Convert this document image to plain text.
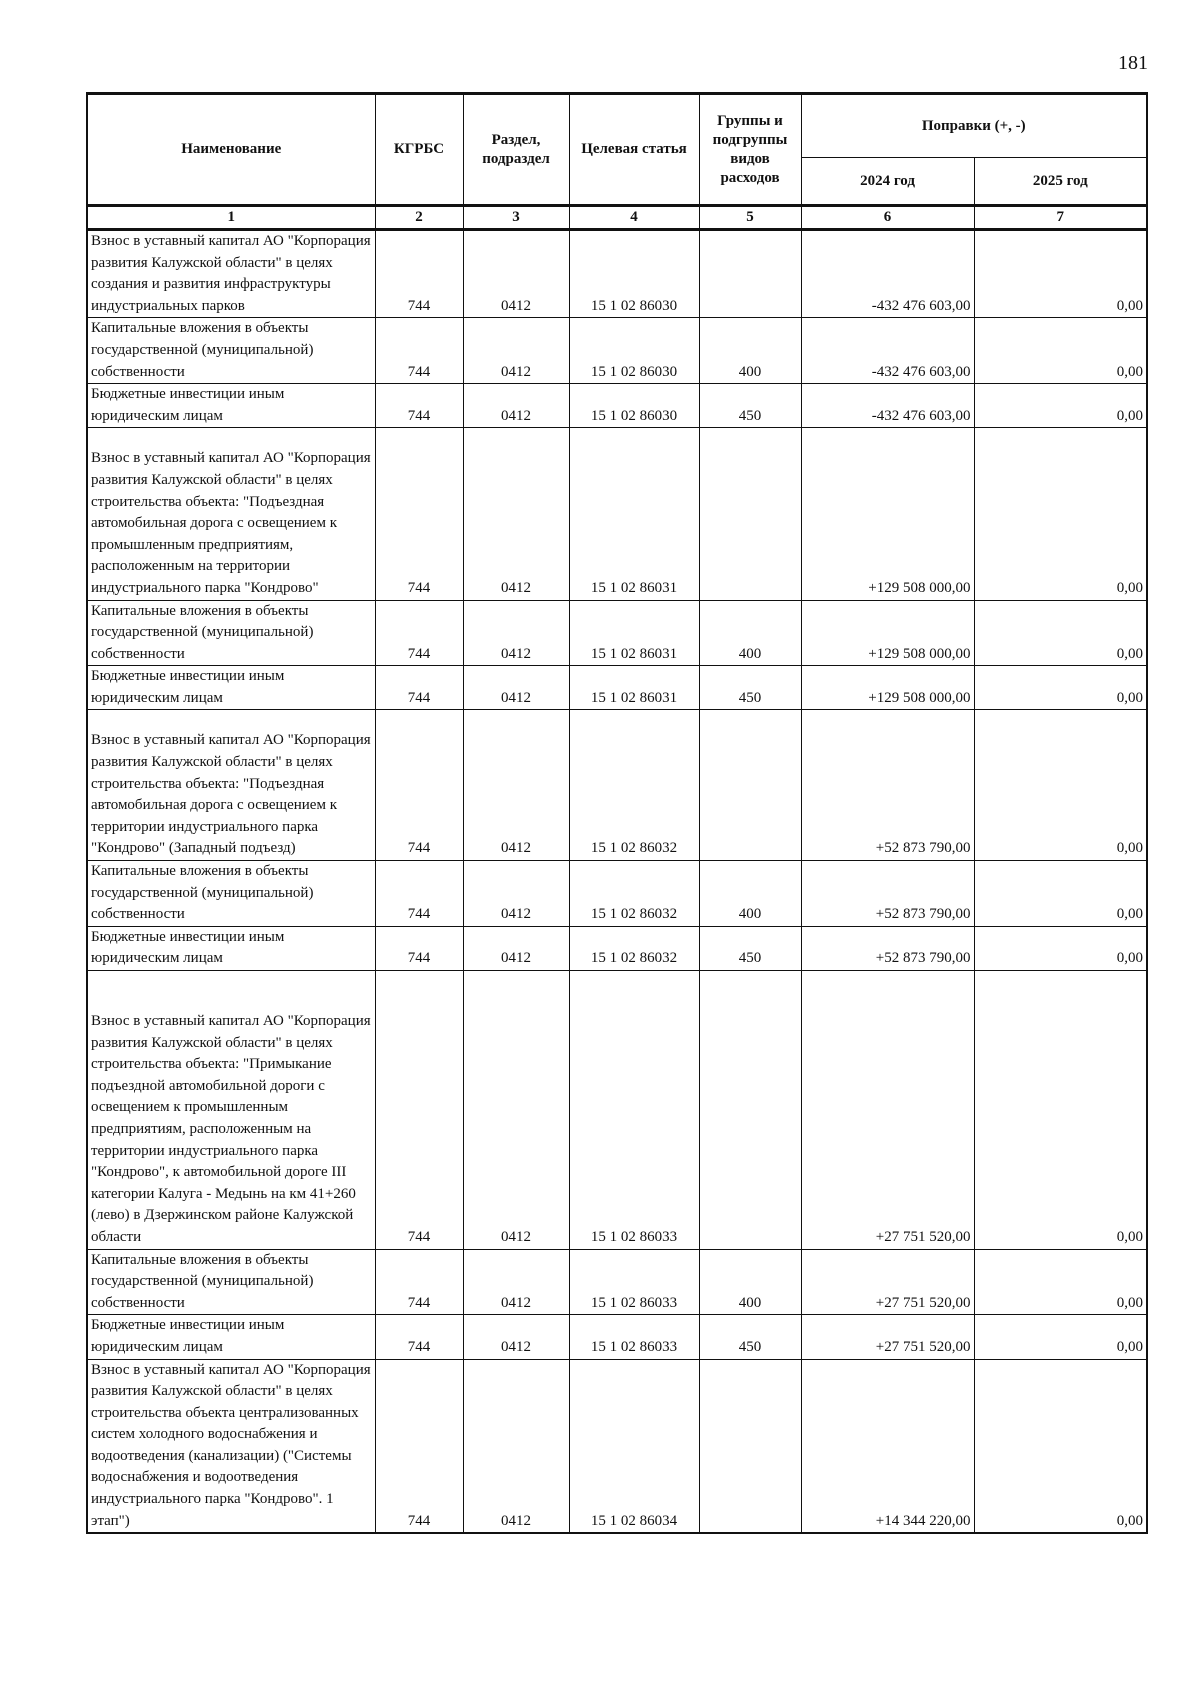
181
Наименование	КГРБС	Раздел, подраздел	Целевая статья	Группы и подгруппы видов расходов	Поправки (+, -)	
					2024 год	2025 год
1	2	3	4	5	6	7
Взнос в уставный капитал АО "Корпорация развития Калужской области" в целях создания и развития инфраструктуры индустриальных парков	744	0412	15 1 02 86030		-432 476 603,00	0,00
Капитальные вложения в объекты государственной (муниципальной) собственности	744	0412	15 1 02 86030	400	-432 476 603,00	0,00
Бюджетные инвестиции иным юридическим лицам	744	0412	15 1 02 86030	450	-432 476 603,00	0,00
Взнос в уставный капитал АО "Корпорация развития Калужской области" в целях строительства объекта: "Подъездная автомобильная дорога с освещением к промышленным предприятиям, расположенным на территории индустриального парка "Кондрово"	744	0412	15 1 02 86031		+129 508 000,00	0,00
Капитальные вложения в объекты государственной (муниципальной) собственности	744	0412	15 1 02 86031	400	+129 508 000,00	0,00
Бюджетные инвестиции иным юридическим лицам	744	0412	15 1 02 86031	450	+129 508 000,00	0,00
Взнос в уставный капитал АО "Корпорация развития Калужской области" в целях строительства объекта: "Подъездная автомобильная дорога с освещением к территории индустриального парка "Кондрово" (Западный подъезд)	744	0412	15 1 02 86032		+52 873 790,00	0,00
Капитальные вложения в объекты государственной (муниципальной) собственности	744	0412	15 1 02 86032	400	+52 873 790,00	0,00
Бюджетные инвестиции иным юридическим лицам	744	0412	15 1 02 86032	450	+52 873 790,00	0,00
Взнос в уставный капитал АО "Корпорация развития Калужской области" в целях строительства объекта: "Примыкание подъездной автомобильной дороги с освещением к промышленным предприятиям, расположенным на территории индустриального парка "Кондрово", к автомобильной дороге III категории Калуга - Медынь на км 41+260 (лево) в Дзержинском районе Калужской области	744	0412	15 1 02 86033		+27 751 520,00	0,00
Капитальные вложения в объекты государственной (муниципальной) собственности	744	0412	15 1 02 86033	400	+27 751 520,00	0,00
Бюджетные инвестиции иным юридическим лицам	744	0412	15 1 02 86033	450	+27 751 520,00	0,00
Взнос в уставный капитал АО "Корпорация развития Калужской области" в целях строительства объекта централизованных систем холодного водоснабжения и водоотведения (канализации) ("Системы водоснабжения и водоотведения индустриального парка "Кондрово". 1 этап")	744	0412	15 1 02 86034		+14 344 220,00	0,00
